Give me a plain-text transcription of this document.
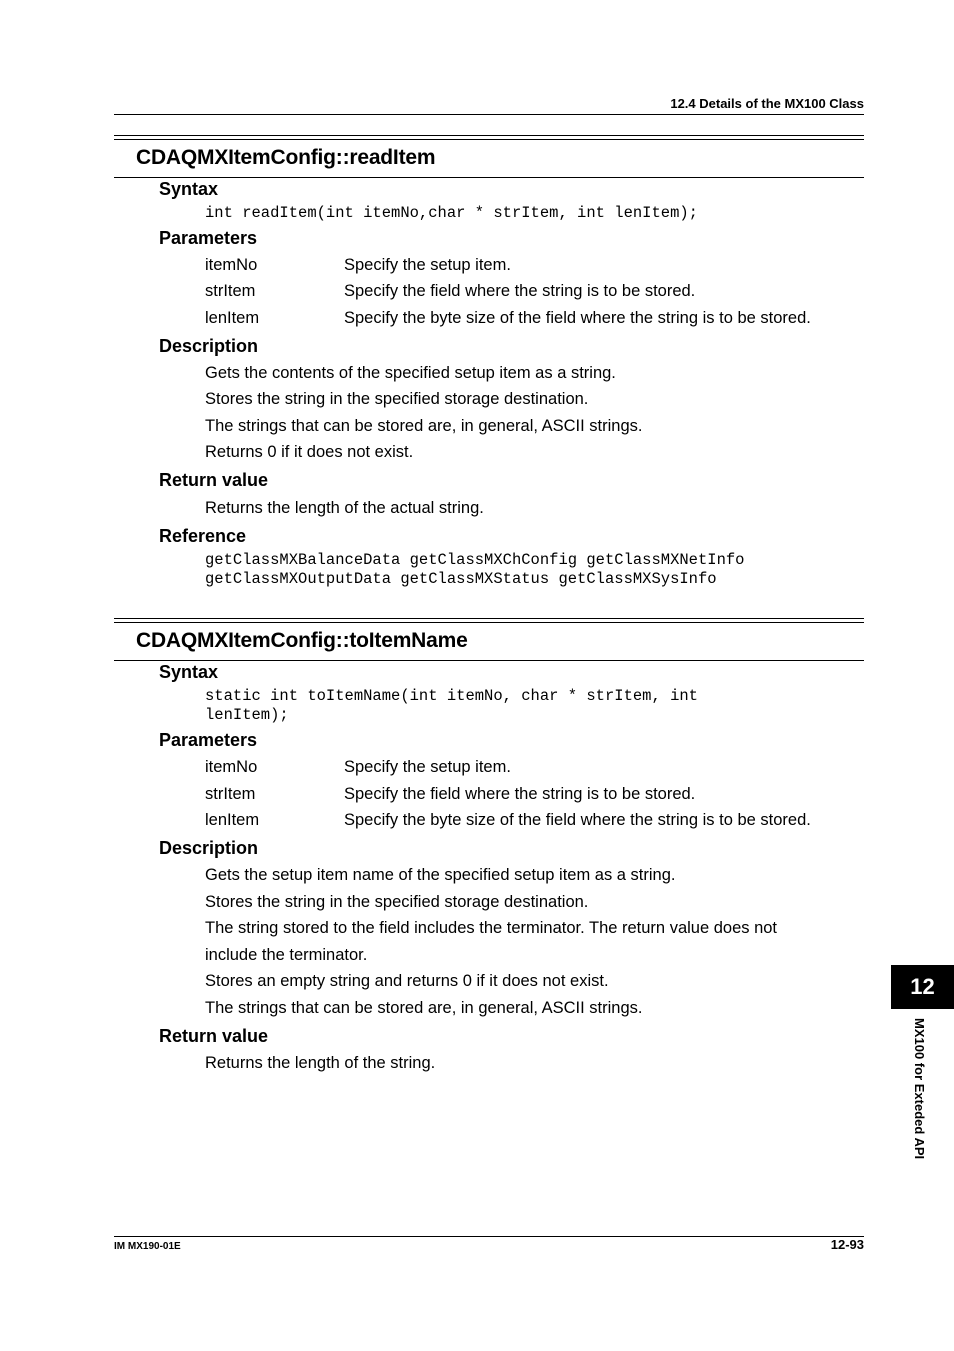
12.4 Details of the MX100 Class
CDAQMXItemConfig::readItem
Syntax
int readItem(int itemNo,char * strItem, int lenItem);
Parameters
itemNo	Specify the setup item.
strItem	Specify the field where the string is to be stored.
lenItem	Specify the byte size of the field where the string is to be stored.
Description
Gets the contents of the specified setup item as a string.
Stores the string in the specified storage destination.
The strings that can be stored are, in general, ASCII strings.
Returns 0 if it does not exist.
Return value
Returns the length of the actual string.
Reference
getClassMXBalanceData getClassMXChConfig getClassMXNetInfo
getClassMXOutputData getClassMXStatus getClassMXSysInfo
CDAQMXItemConfig::toItemName
Syntax
static int toItemName(int itemNo, char * strItem, int
lenItem);
Parameters
itemNo	Specify the setup item.
strItem	Specify the field where the string is to be stored.
lenItem	Specify the byte size of the field where the string is to be stored.
Description
Gets the setup item name of the specified setup item as a string.
Stores the string in the specified storage destination.
The string stored to the field includes the terminator. The return value does not
include the terminator.
Stores an empty string and returns 0 if it does not exist.
The strings that can be stored are, in general, ASCII strings.
Return value
Returns the length of the string.
12
MX100 for Exteded API
IM MX190-01E	12-93
